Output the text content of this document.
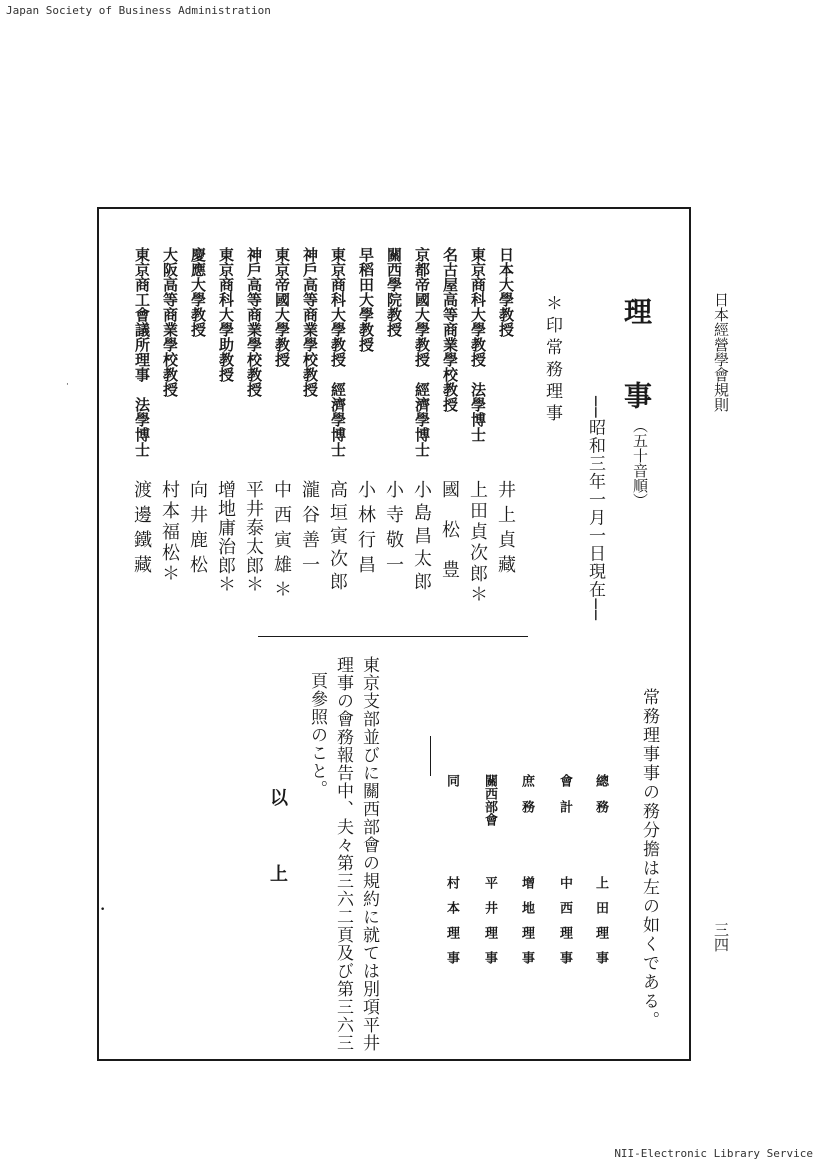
Japan Society of Business Administration
NII-Electronic Library Service
日本經營學會規則
三四
理　事
（五十音順）
──昭和三年一月一日現在──
＊印常務理事
日本大學教授
東京商科大學教授　法學博士
名古屋高等商業學校教授
京都帝國大學教授　經濟學博士
關西學院教授
早稻田大學教授
東京商科大學教授　經濟學博士
神戶高等商業學校教授
東京帝國大學教授
神戶高等商業學校教授
東京商科大學助教授
慶應大學教授
大阪高等商業學校教授
東京商工會議所理事　法學博士
井上貞藏
上田貞次郎＊
國松豊
小島昌太郎
小寺敬一
小林行昌
高垣寅次郎
瀧谷善一
中西寅雄＊
平井泰太郎＊
增地庸治郎＊
向井鹿松
村本福松＊
渡邊鐵藏
常務理事事の務分擔は左の如くである。
總　務
上田理事
會　計
中西理事
庶　務
增地理事
關西部會
平井理事
同
村本理事
東京支部並びに關西部會の規約に就ては別項平井
理事の會務報告中、夫々第三六二頁及び第三六三
頁參照のこと。
以　上
•
·
